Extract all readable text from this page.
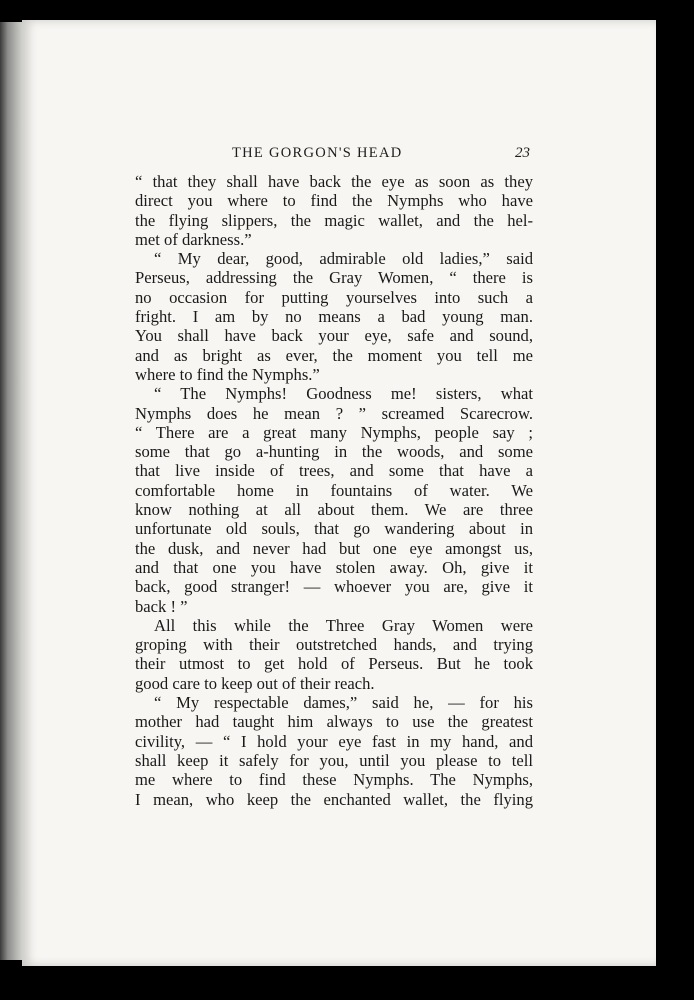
THE GORGON'S HEAD	23
“ that they shall have back the eye as soon as they
direct you where to find the Nymphs who have
the flying slippers, the magic wallet, and the hel-
met of darkness.”
“ My dear, good, admirable old ladies,” said
Perseus, addressing the Gray Women, “ there is
no occasion for putting yourselves into such a
fright. I am by no means a bad young man.
You shall have back your eye, safe and sound,
and as bright as ever, the moment you tell me
where to find the Nymphs.”
“ The Nymphs! Goodness me! sisters, what
Nymphs does he mean ? ” screamed Scarecrow.
“ There are a great many Nymphs, people say ;
some that go a-hunting in the woods, and some
that live inside of trees, and some that have a
comfortable home in fountains of water. We
know nothing at all about them. We are three
unfortunate old souls, that go wandering about in
the dusk, and never had but one eye amongst us,
and that one you have stolen away. Oh, give it
back, good stranger! — whoever you are, give it
back ! ”
All this while the Three Gray Women were
groping with their outstretched hands, and trying
their utmost to get hold of Perseus. But he took
good care to keep out of their reach.
“ My respectable dames,” said he, — for his
mother had taught him always to use the greatest
civility, — “ I hold your eye fast in my hand, and
shall keep it safely for you, until you please to tell
me where to find these Nymphs. The Nymphs,
I mean, who keep the enchanted wallet, the flying
